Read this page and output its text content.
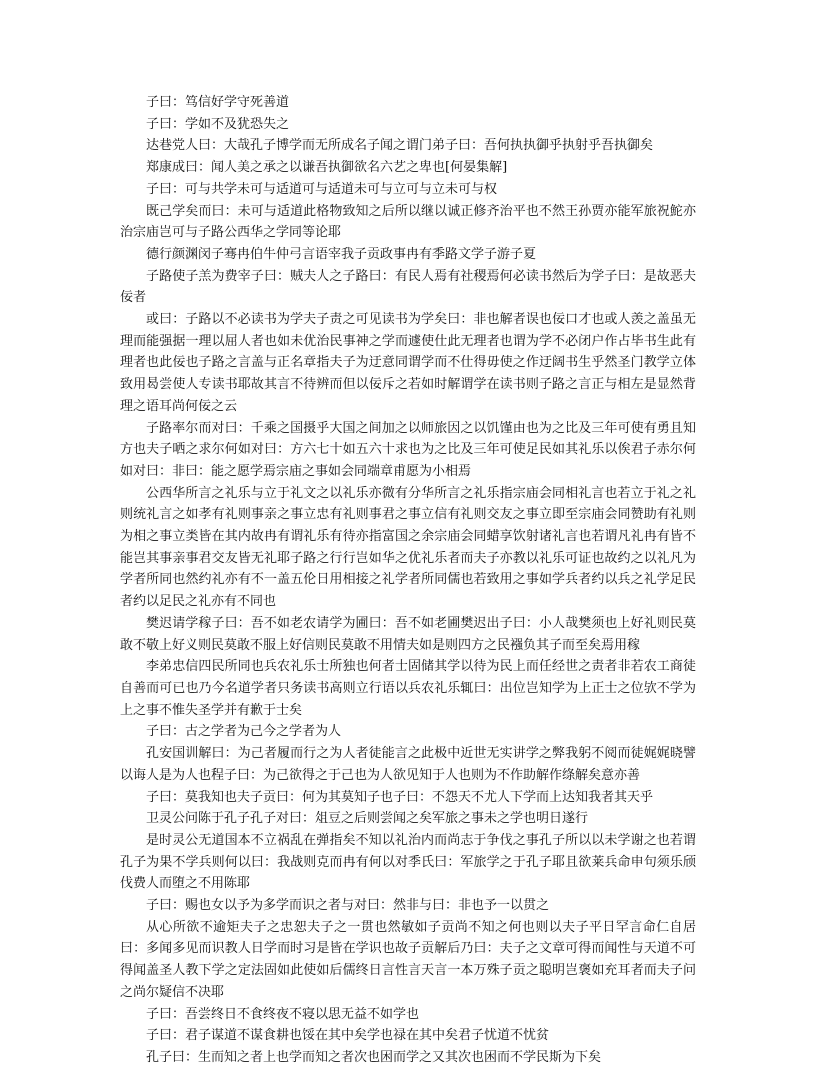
子曰：笃信好学守死善道

子曰：学如不及犹恐失之

达巷党人曰：大哉孔子博学而无所成名子闻之谓门弟子曰：吾何执执御乎执射乎吾执御矣

郑康成曰：闻人美之承之以谦吾执御欲名六艺之卑也[何晏集解]

子曰：可与共学未可与适道可与适道未可与立可与立未可与权

既己学矣而曰：未可与适道此格物致知之后所以继以诚正修齐治平也不然王孙贾亦能军旅祝鮀亦治宗庙岂可与子路公西华之学同等论耶

德行颜渊闵子骞冉伯牛仲弓言语宰我子贡政事冉有季路文学子游子夏

子路使子羔为费宰子曰：贼夫人之子路曰：有民人焉有社稷焉何必读书然后为学子曰：是故恶夫佞者

或曰：子路以不必读书为学夫子责之可见读书为学矣曰：非也解者误也佞口才也或人羡之盖虽无理而能强据一理以屈人者也如未优治民事神之学而遽使仕此无理者也谓为学不必闭户作占毕书生此有理者也此佞也子路之言盖与正名章指夫子为迂意同谓学而不仕得毋使之作迂阔书生乎然圣门教学立体致用曷尝使人专读书耶故其言不待辨而但以佞斥之若如时解谓学在读书则子路之言正与相左是显然背理之语耳尚何佞之云

子路率尔而对曰：千乘之国摄乎大国之间加之以师旅因之以饥馑由也为之比及三年可使有勇且知方也夫子哂之求尔何如对曰：方六七十如五六十求也为之比及三年可使足民如其礼乐以俟君子赤尔何如对曰：非曰：能之愿学焉宗庙之事如会同端章甫愿为小相焉

公西华所言之礼乐与立于礼文之以礼乐亦微有分华所言之礼乐指宗庙会同相礼言也若立于礼之礼则统礼言之如孝有礼则事亲之事立忠有礼则事君之事立信有礼则交友之事立即至宗庙会同赞助有礼则为相之事立类皆在其内故冉有谓礼乐有待亦指富国之余宗庙会同蜡享饮射诸礼言也若谓凡礼冉有皆不能岂其事亲事君交友皆无礼耶子路之行行岂如华之优礼乐者而夫子亦教以礼乐可证也故约之以礼凡为学者所同也然约礼亦有不一盖五伦日用相接之礼学者所同儒也若致用之事如学兵者约以兵之礼学足民者约以足民之礼亦有不同也

樊迟请学稼子曰：吾不如老农请学为圃曰：吾不如老圃樊迟出子曰：小人哉樊须也上好礼则民莫敢不敬上好义则民莫敢不服上好信则民莫敢不用情夫如是则四方之民襁负其子而至矣焉用稼

李弟忠信四民所同也兵农礼乐士所独也何者士固储其学以待为民上而任经世之责者非若农工商徒自善而可已也乃今名道学者只务读书高则立行语以兵农礼乐辄曰：出位岂知学为上正士之位欤不学为上之事不惟失圣学并有歉于士矣

子曰：古之学者为己今之学者为人

孔安国训解曰：为己者履而行之为人者徒能言之此极中近世无实讲学之弊我躬不阅而徒娓娓晓譬以诲人是为人也程子曰：为己欲得之于己也为人欲见知于人也则为不作助解作绦解矣意亦善

子曰：莫我知也夫子贡曰：何为其莫知子也子曰：不怨天不尤人下学而上达知我者其天乎

卫灵公问陈于孔子孔子对曰：俎豆之后则尝闻之矣军旅之事未之学也明日遂行

是时灵公无道国本不立祸乱在弹指矣不知以礼治内而尚志于争伐之事孔子所以以未学谢之也若谓孔子为果不学兵则何以曰：我战则克而冉有何以对季氏曰：军旅学之于孔子耶且欲莱兵命申句须乐颀伐费人而堕之不用陈耶

子曰：赐也女以予为多学而识之者与对曰：然非与曰：非也予一以贯之

从心所欲不逾矩夫子之忠恕夫子之一贯也然敏如子贡尚不知之何也则以夫子平日罕言命仁自居曰：多闻多见而识教人日学而时习是皆在学识也故子贡解后乃曰：夫子之文章可得而闻性与天道不可得闻盖圣人教下学之定法固如此使如后儒终日言性言天言一本万殊子贡之聪明岂褒如充耳者而夫子问之尚尔疑信不决耶

子曰：吾尝终日不食终夜不寝以思无益不如学也

子曰：君子谋道不谋食耕也馁在其中矣学也禄在其中矣君子忧道不忧贫

孔子曰：生而知之者上也学而知之者次也困而学之又其次也困而不学民斯为下矣
